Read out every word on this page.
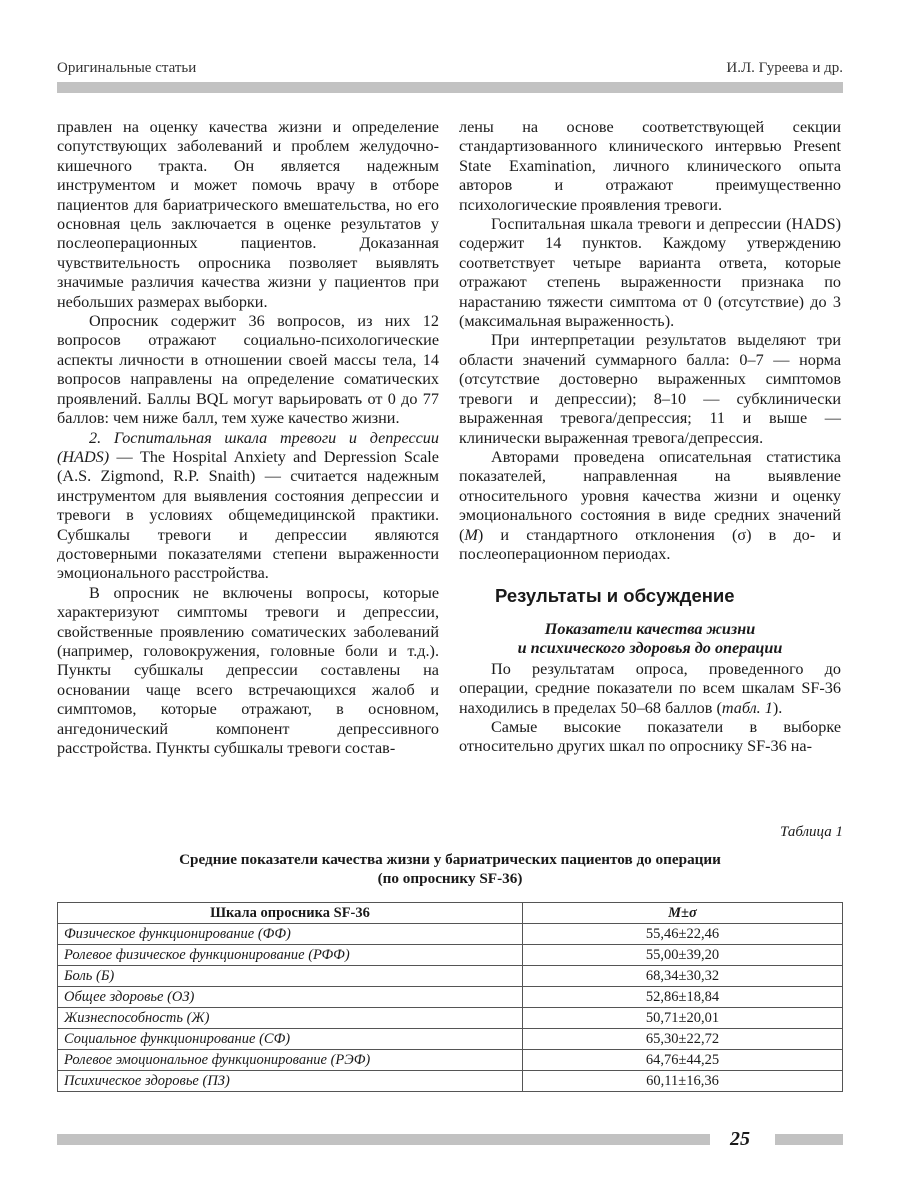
Оригинальные статьи	И.Л. Гуреева и др.

правлен на оценку качества жизни и определение сопутствующих заболеваний и проблем желудочно-кишечного тракта. Он является надежным инструментом и может помочь врачу в отборе пациентов для бариатрического вмешательства, но его основная цель заключается в оценке результатов у послеоперационных пациентов. Доказанная чувствительность опросника позволяет выявлять значимые различия качества жизни у пациентов при небольших размерах выборки.

Опросник содержит 36 вопросов, из них 12 вопросов отражают социально-психологические аспекты личности в отношении своей массы тела, 14 вопросов направлены на определение соматических проявлений. Баллы BQL могут варьировать от 0 до 77 баллов: чем ниже балл, тем хуже качество жизни.

2. Госпитальная шкала тревоги и депрессии (HADS) — The Hospital Anxiety and Depression Scale (A.S. Zigmond, R.P. Snaith) — считается надежным инструментом для выявления состояния депрессии и тревоги в условиях общемедицинской практики. Субшкалы тревоги и депрессии являются достоверными показателями степени выраженности эмоционального расстройства.

В опросник не включены вопросы, которые характеризуют симптомы тревоги и депрессии, свойственные проявлению соматических заболеваний (например, головокружения, головные боли и т.д.). Пункты субшкалы депрессии составлены на основании чаще всего встречающихся жалоб и симптомов, которые отражают, в основном, ангедонический компонент депрессивного расстройства. Пункты субшкалы тревоги состав-

лены на основе соответствующей секции стандартизованного клинического интервью Present State Examination, личного клинического опыта авторов и отражают преимущественно психологические проявления тревоги.

Госпитальная шкала тревоги и депрессии (HADS) содержит 14 пунктов. Каждому утверждению соответствует четыре варианта ответа, которые отражают степень выраженности признака по нарастанию тяжести симптома от 0 (отсутствие) до 3 (максимальная выраженность).

При интерпретации результатов выделяют три области значений суммарного балла: 0–7 — норма (отсутствие достоверно выраженных симптомов тревоги и депрессии); 8–10 — субклинически выраженная тревога/депрессия; 11 и выше — клинически выраженная тревога/депрессия.

Авторами проведена описательная статистика показателей, направленная на выявление относительного уровня качества жизни и оценку эмоционального состояния в виде средних значений (M) и стандартного отклонения (σ) в до- и послеоперационном периодах.

Результаты и обсуждение
Показатели качества жизни
и психического здоровья до операции

По результатам опроса, проведенного до операции, средние показатели по всем шкалам SF-36 находились в пределах 50–68 баллов (табл. 1).

Самые высокие показатели в выборке относительно других шкал по опроснику SF-36 на-

Таблица 1
Средние показатели качества жизни у бариатрических пациентов до операции
(по опроснику SF-36)
Шкала опросника SF-36	M±σ
Физическое функционирование (ФФ)	55,46±22,46
Ролевое физическое функционирование (РФФ)	55,00±39,20
Боль (Б)	68,34±30,32
Общее здоровье (ОЗ)	52,86±18,84
Жизнеспособность (Ж)	50,71±20,01
Социальное функционирование (СФ)	65,30±22,72
Ролевое эмоциональное функционирование (РЭФ)	64,76±44,25
Психическое здоровье (ПЗ)	60,11±16,36
25
